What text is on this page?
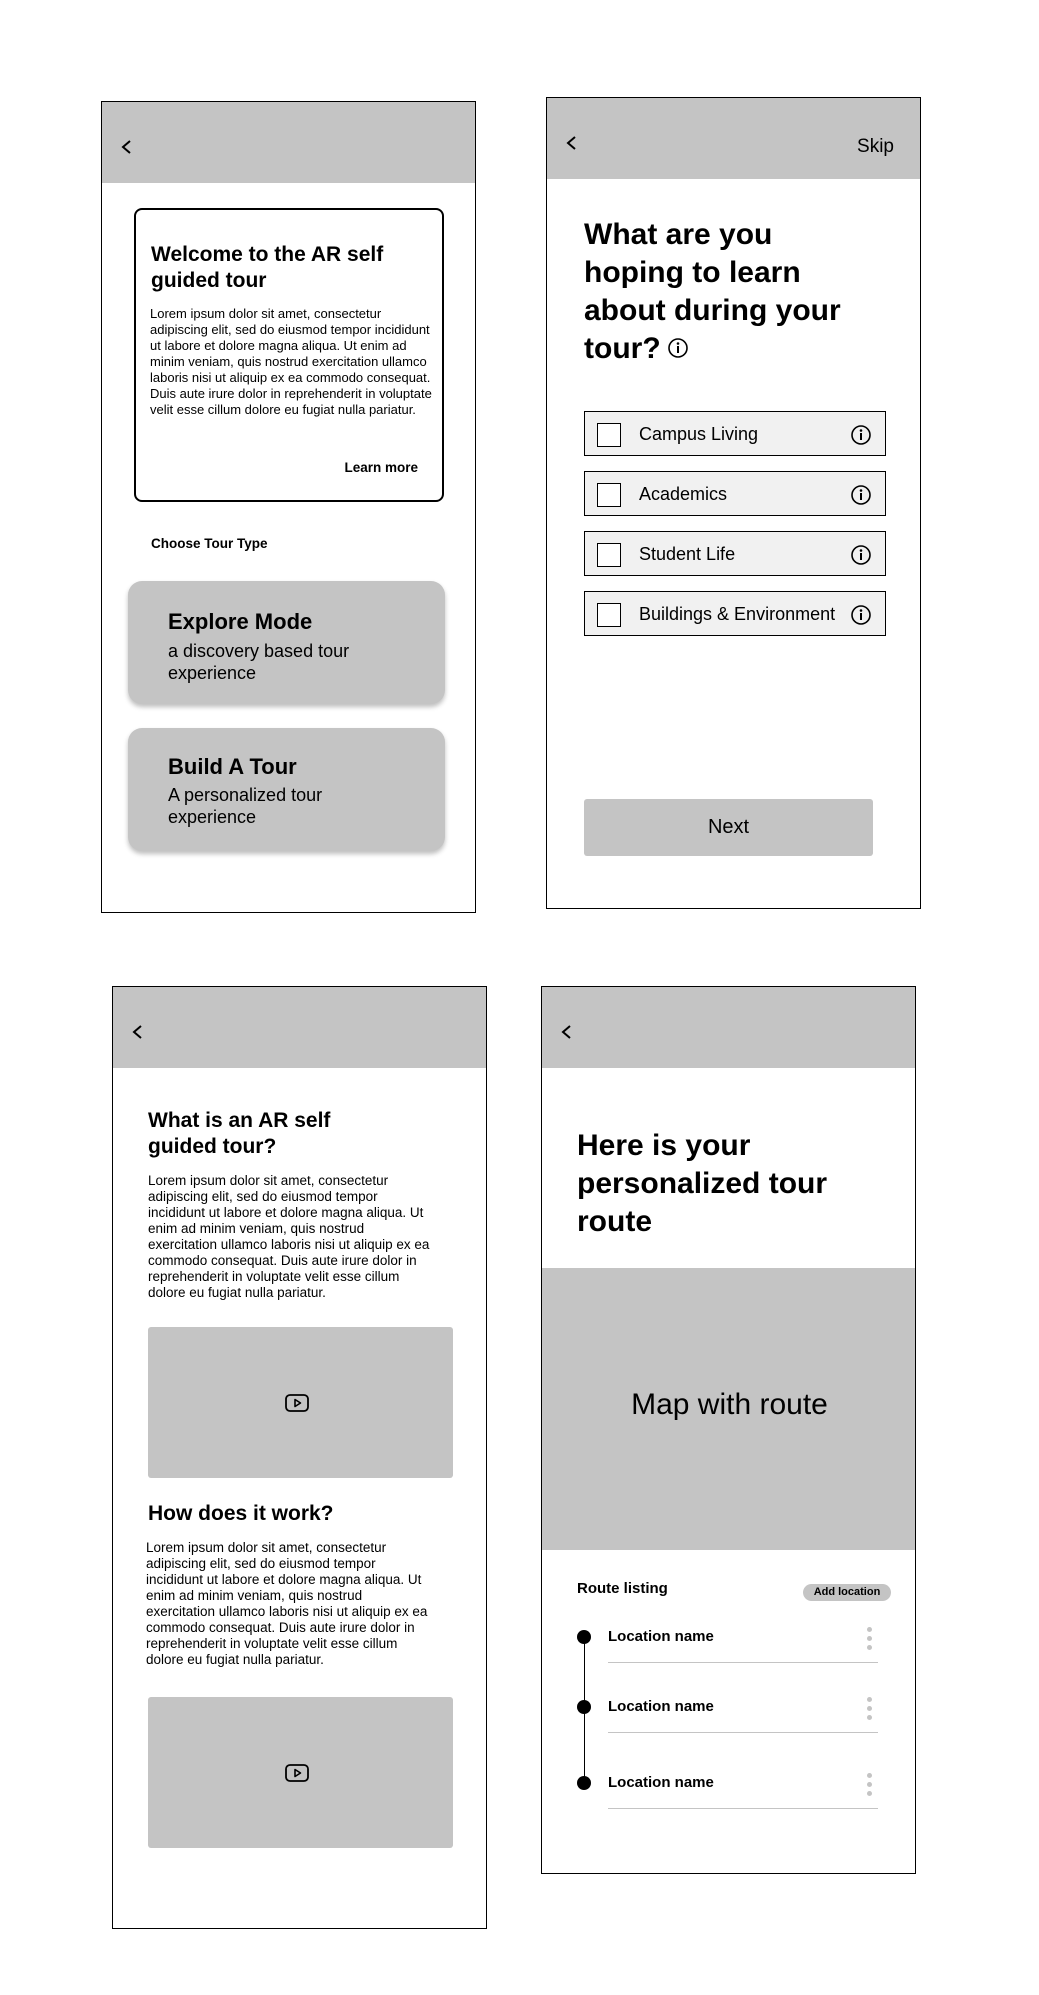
Welcome to the AR self guided tour
Lorem ipsum dolor sit amet, consectetur adipiscing elit, sed do eiusmod tempor incididunt ut labore et dolore magna aliqua. Ut enim ad minim veniam, quis nostrud exercitation ullamco laboris nisi ut aliquip ex ea commodo consequat. Duis aute irure dolor in reprehenderit in voluptate velit esse cillum dolore eu fugiat nulla pariatur.
Learn more
Choose Tour Type
Explore Mode
a discovery based tour experience
Build A Tour
A personalized tour experience
Skip
What are you hoping to learn about during your tour?
Campus Living
Academics
Student Life
Buildings & Environment
Next
What is an AR self guided tour?
Lorem ipsum dolor sit amet, consectetur adipiscing elit, sed do eiusmod tempor incididunt ut labore et dolore magna aliqua. Ut enim ad minim veniam, quis nostrud exercitation ullamco laboris nisi ut aliquip ex ea commodo consequat. Duis aute irure dolor in reprehenderit in voluptate velit esse cillum dolore eu fugiat nulla pariatur.
How does it work?
Lorem ipsum dolor sit amet, consectetur adipiscing elit, sed do eiusmod tempor incididunt ut labore et dolore magna aliqua. Ut enim ad minim veniam, quis nostrud exercitation ullamco laboris nisi ut aliquip ex ea commodo consequat. Duis aute irure dolor in reprehenderit in voluptate velit esse cillum dolore eu fugiat nulla pariatur.
Here is your personalized tour route
Map with route
Route listing	Add location
Location name
Location name
Location name
